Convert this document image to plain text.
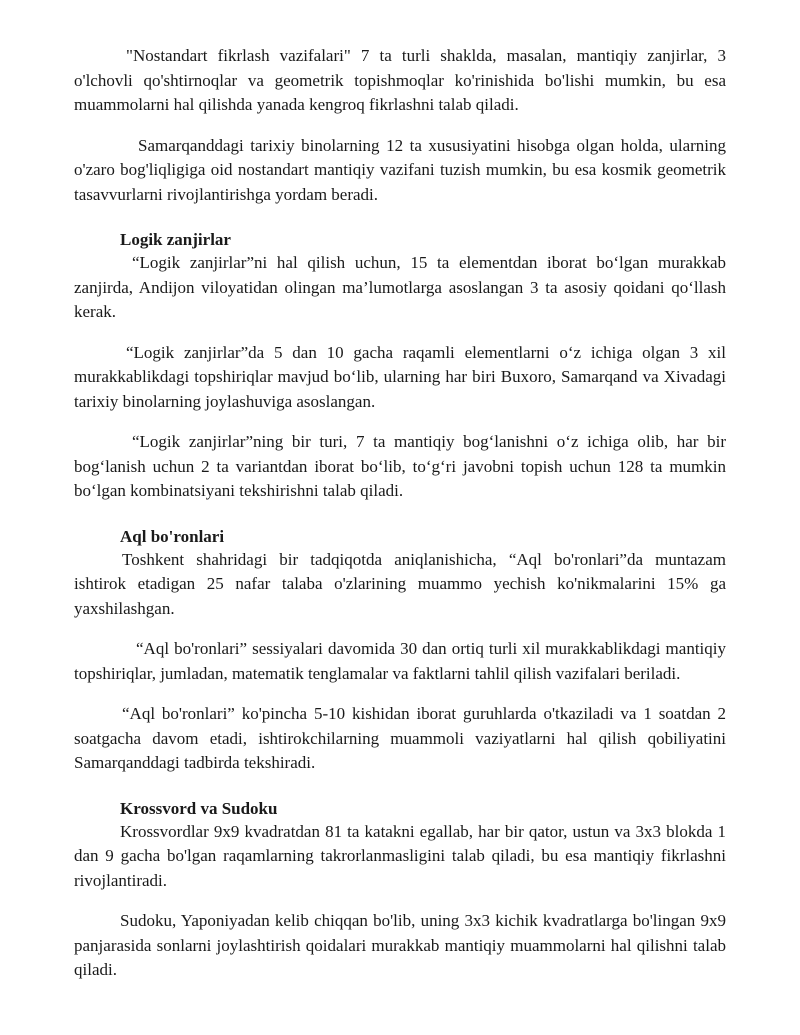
"Nostandart fikrlash vazifalari" 7 ta turli shaklda, masalan, mantiqiy zanjirlar, 3 o'lchovli qo'shtirnoqlar va geometrik topishmoqlar ko'rinishida bo'lishi mumkin, bu esa muammolarni hal qilishda yanada kengroq fikrlashni talab qiladi.

Samarqanddagi tarixiy binolarning 12 ta xususiyatini hisobga olgan holda, ularning o'zaro bog'liqligiga oid nostandart mantiqiy vazifani tuzish mumkin, bu esa kosmik geometrik tasavvurlarni rivojlantirishga yordam beradi.

Logik zanjirlar

“Logik zanjirlar”ni hal qilish uchun, 15 ta elementdan iborat bo‘lgan murakkab zanjirda, Andijon viloyatidan olingan ma’lumotlarga asoslangan 3 ta asosiy qoidani qo‘llash kerak.

“Logik zanjirlar”da 5 dan 10 gacha raqamli elementlarni o‘z ichiga olgan 3 xil murakkablikdagi topshiriqlar mavjud bo‘lib, ularning har biri Buxoro, Samarqand va Xivadagi tarixiy binolarning joylashuviga asoslangan.

“Logik zanjirlar”ning bir turi, 7 ta mantiqiy bog‘lanishni o‘z ichiga olib, har bir bog‘lanish uchun 2 ta variantdan iborat bo‘lib, to‘g‘ri javobni topish uchun 128 ta mumkin bo‘lgan kombinatsiyani tekshirishni talab qiladi.

Aql bo'ronlari

Toshkent shahridagi bir tadqiqotda aniqlanishicha, “Aql bo'ronlari”da muntazam ishtirok etadigan 25 nafar talaba o'zlarining muammo yechish ko'nikmalarini 15% ga yaxshilashgan.

“Aql bo'ronlari” sessiyalari davomida 30 dan ortiq turli xil murakkablikdagi mantiqiy topshiriqlar, jumladan, matematik tenglamalar va faktlarni tahlil qilish vazifalari beriladi.

“Aql bo'ronlari” ko'pincha 5-10 kishidan iborat guruhlarda o'tkaziladi va 1 soatdan 2 soatgacha davom etadi, ishtirokchilarning muammoli vaziyatlarni hal qilish qobiliyatini Samarqanddagi tadbirda tekshiradi.

Krossvord va Sudoku

Krossvordlar 9x9 kvadratdan 81 ta katakni egallab, har bir qator, ustun va 3x3 blokda 1 dan 9 gacha bo'lgan raqamlarning takrorlanmasligini talab qiladi, bu esa mantiqiy fikrlashni rivojlantiradi.

Sudoku, Yaponiyadan kelib chiqqan bo'lib, uning 3x3 kichik kvadratlarga bo'lingan 9x9 panjarasida sonlarni joylashtirish qoidalari murakkab mantiqiy muammolarni hal qilishni talab qiladi.
